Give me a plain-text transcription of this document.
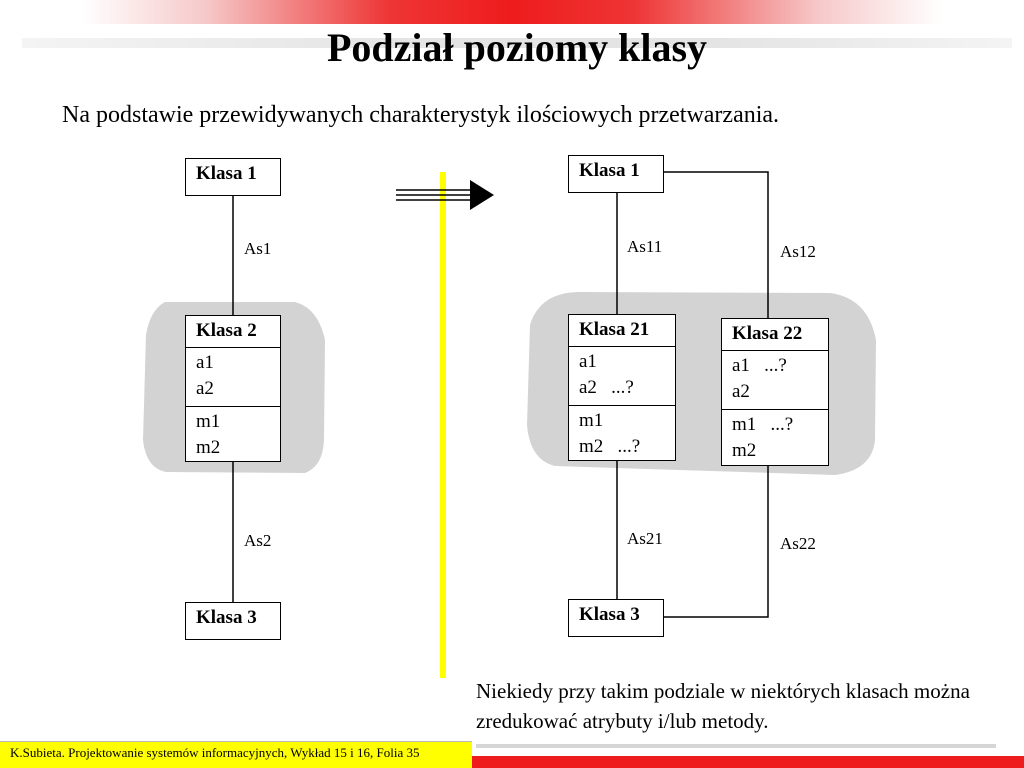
Podział poziomy klasy
Na podstawie przewidywanych charakterystyk ilościowych przetwarzania.
Klasa 1
Klasa 2
a1
a2
m1
m2
Klasa 3
As1
As2
Klasa 1
Klasa 21
a1
a2   ...?
m1
m2   ...?
Klasa 22
a1   ...?
a2
m1   ...?
m2
Klasa 3
As11	As12
As21	As22
Niekiedy przy takim podziale w niektórych klasach można zredukować atrybuty i/lub metody.
K.Subieta. Projektowanie systemów informacyjnych, Wykład 15 i 16, Folia 35
